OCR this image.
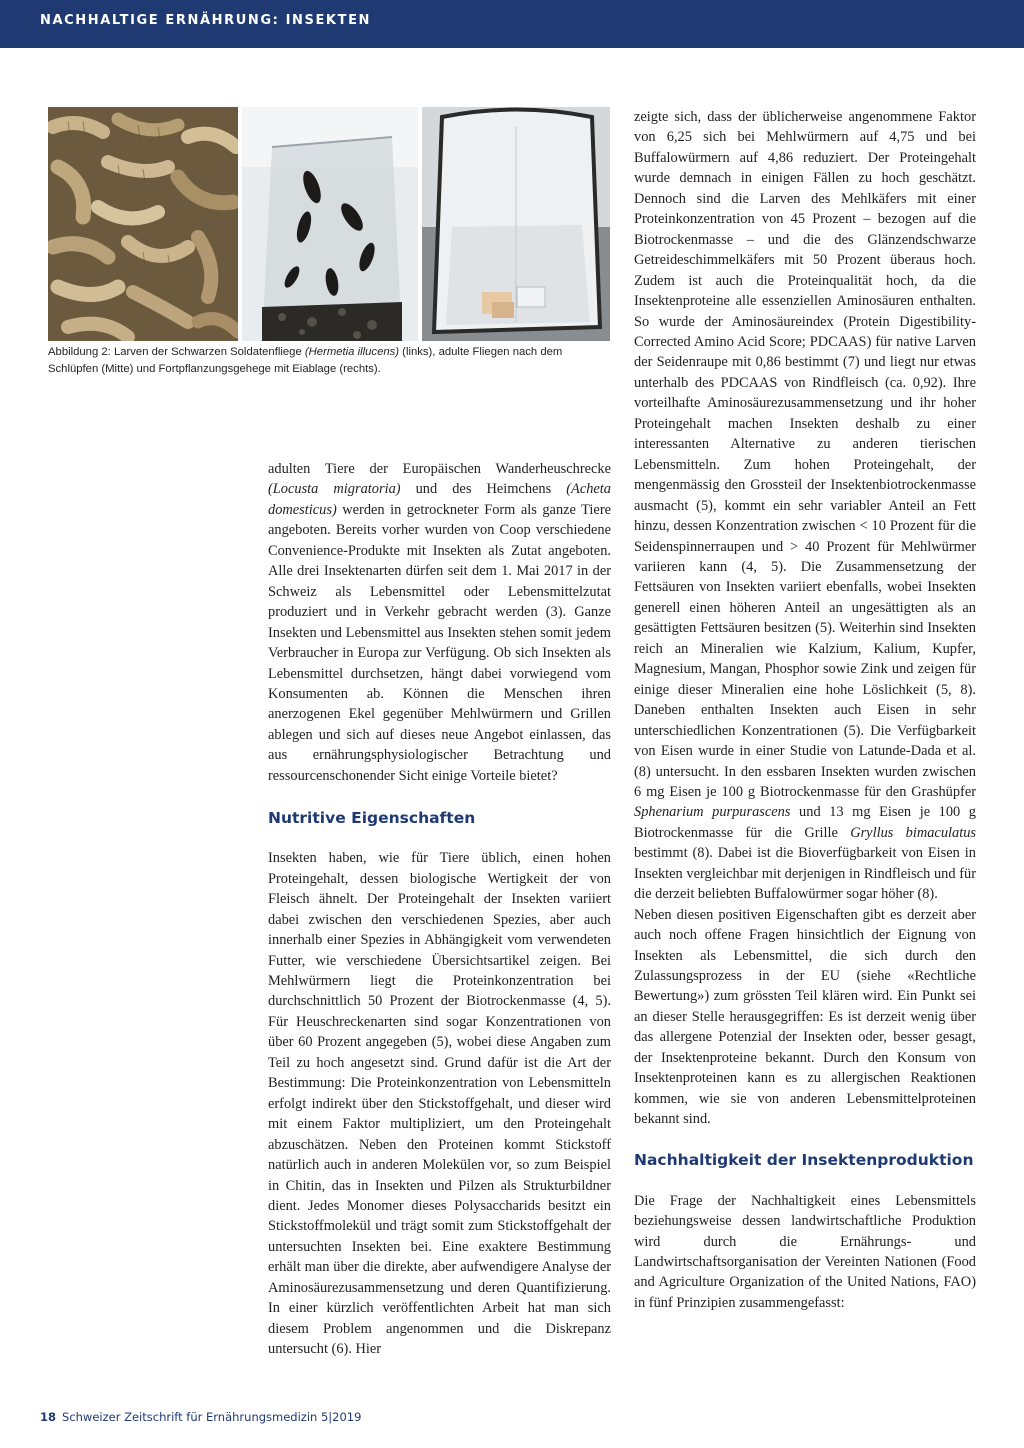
NACHHALTIGE ERNÄHRUNG: INSEKTEN
Abbildung 2: Larven der Schwarzen Soldatenfliege (Hermetia illucens) (links), adulte Fliegen nach dem Schlüpfen (Mitte) und Fortpflanzungsgehege mit Eiablage (rechts).

adulten Tiere der Europäischen Wanderheuschrecke (Locusta migratoria) und des Heimchens (Acheta domesticus) werden in getrockneter Form als ganze Tiere angeboten. Bereits vorher wurden von Coop verschiedene Convenience-Produkte mit Insekten als Zutat angeboten. Alle drei Insektenarten dürfen seit dem 1. Mai 2017 in der Schweiz als Lebensmittel oder Lebensmittelzutat produziert und in Verkehr gebracht werden (3). Ganze Insekten und Lebensmittel aus Insekten stehen somit jedem Verbraucher in Europa zur Verfügung. Ob sich Insekten als Lebensmittel durchsetzen, hängt dabei vorwiegend vom Konsumenten ab. Können die Menschen ihren anerzogenen Ekel gegenüber Mehlwürmern und Grillen ablegen und sich auf dieses neue Angebot einlassen, das aus ernährungsphysiologischer Betrachtung und ressourcenschonender Sicht einige Vorteile bietet?

Nutritive Eigenschaften

Insekten haben, wie für Tiere üblich, einen hohen Proteingehalt, dessen biologische Wertigkeit der von Fleisch ähnelt. Der Proteingehalt der Insekten variiert dabei zwischen den verschiedenen Spezies, aber auch innerhalb einer Spezies in Abhängigkeit vom verwendeten Futter, wie verschiedene Übersichtsartikel zeigen. Bei Mehlwürmern liegt die Proteinkonzentration bei durchschnittlich 50 Prozent der Biotrockenmasse (4, 5). Für Heuschreckenarten sind sogar Konzentrationen von über 60 Prozent angegeben (5), wobei diese Angaben zum Teil zu hoch angesetzt sind. Grund dafür ist die Art der Bestimmung: Die Proteinkonzentration von Lebensmitteln erfolgt indirekt über den Stickstoffgehalt, und dieser wird mit einem Faktor multipliziert, um den Proteingehalt abzuschätzen. Neben den Proteinen kommt Stickstoff natürlich auch in anderen Molekülen vor, so zum Beispiel in Chitin, das in Insekten und Pilzen als Strukturbildner dient. Jedes Monomer dieses Polysaccharids besitzt ein Stickstoffmolekül und trägt somit zum Stickstoffgehalt der untersuchten Insekten bei. Eine exaktere Bestimmung erhält man über die direkte, aber aufwendigere Analyse der Aminosäurezusammensetzung und deren Quantifizierung. In einer kürzlich veröffentlichten Arbeit hat man sich diesem Problem angenommen und die Diskrepanz untersucht (6). Hier

zeigte sich, dass der üblicherweise angenommene Faktor von 6,25 sich bei Mehlwürmern auf 4,75 und bei Buffalowürmern auf 4,86 reduziert. Der Proteingehalt wurde demnach in einigen Fällen zu hoch geschätzt. Dennoch sind die Larven des Mehlkäfers mit einer Proteinkonzentration von 45 Prozent – bezogen auf die Biotrockenmasse – und die des Glänzendschwarze Getreideschimmelkäfers mit 50 Prozent überaus hoch. Zudem ist auch die Proteinqualität hoch, da die Insektenproteine alle essenziellen Aminosäuren enthalten. So wurde der Aminosäureindex (Protein Digestibility-Corrected Amino Acid Score; PDCAAS) für native Larven der Seidenraupe mit 0,86 bestimmt (7) und liegt nur etwas unterhalb des PDCAAS von Rindfleisch (ca. 0,92). Ihre vorteilhafte Aminosäurezusammensetzung und ihr hoher Proteingehalt machen Insekten deshalb zu einer interessanten Alternative zu anderen tierischen Lebensmitteln. Zum hohen Proteingehalt, der mengenmässig den Grossteil der Insektenbiotrockenmasse ausmacht (5), kommt ein sehr variabler Anteil an Fett hinzu, dessen Konzentration zwischen < 10 Prozent für die Seidenspinnerraupen und > 40 Prozent für Mehlwürmer variieren kann (4, 5). Die Zusammensetzung der Fettsäuren von Insekten variiert ebenfalls, wobei Insekten generell einen höheren Anteil an ungesättigten als an gesättigten Fettsäuren besitzen (5). Weiterhin sind Insekten reich an Mineralien wie Kalzium, Kalium, Kupfer, Magnesium, Mangan, Phosphor sowie Zink und zeigen für einige dieser Mineralien eine hohe Löslichkeit (5, 8). Daneben enthalten Insekten auch Eisen in sehr unterschiedlichen Konzentrationen (5). Die Verfügbarkeit von Eisen wurde in einer Studie von Latunde-Dada et al. (8) untersucht. In den essbaren Insekten wurden zwischen 6 mg Eisen je 100 g Biotrockenmasse für den Grashüpfer Sphenarium purpurascens und 13 mg Eisen je 100 g Biotrockenmasse für die Grille Gryllus bimaculatus bestimmt (8). Dabei ist die Bioverfügbarkeit von Eisen in Insekten vergleichbar mit derjenigen in Rindfleisch und für die derzeit beliebten Buffalowürmer sogar höher (8).

Neben diesen positiven Eigenschaften gibt es derzeit aber auch noch offene Fragen hinsichtlich der Eignung von Insekten als Lebensmittel, die sich durch den Zulassungsprozess in der EU (siehe «Rechtliche Bewertung») zum grössten Teil klären wird. Ein Punkt sei an dieser Stelle herausgegriffen: Es ist derzeit wenig über das allergene Potenzial der Insekten oder, besser gesagt, der Insektenproteine bekannt. Durch den Konsum von Insektenproteinen kann es zu allergischen Reaktionen kommen, wie sie von anderen Lebensmittelproteinen bekannt sind.

Nachhaltigkeit der Insektenproduktion

Die Frage der Nachhaltigkeit eines Lebensmittels beziehungsweise dessen landwirtschaftliche Produktion wird durch die Ernährungs- und Landwirtschaftsorganisation der Vereinten Nationen (Food and Agriculture Organization of the United Nations, FAO) in fünf Prinzipien zusammengefasst:

18 Schweizer Zeitschrift für Ernährungsmedizin 5|2019
